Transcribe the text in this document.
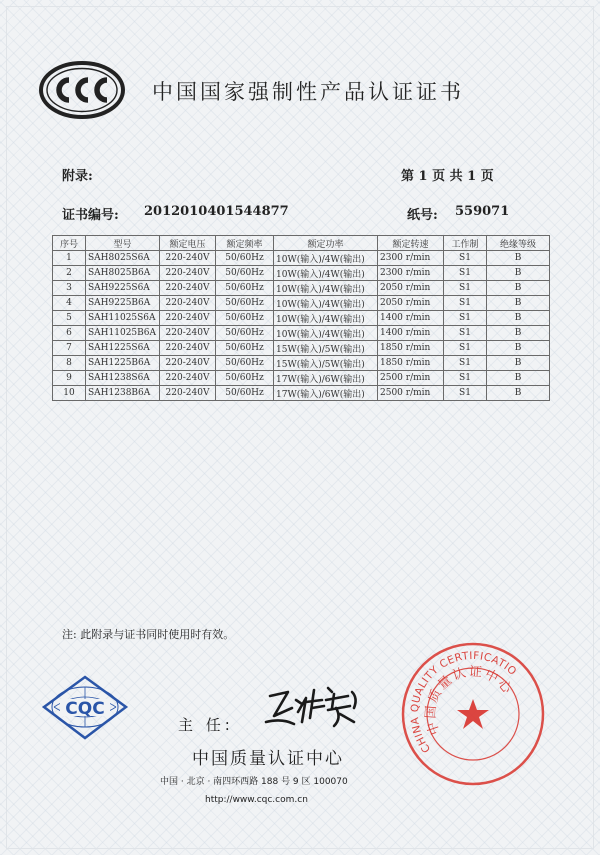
中国国家强制性产品认证证书
附录:	第 1 页 共 1 页
证书编号: 2012010401544877	纸号: 559071
序号	型号	额定电压	额定频率	额定功率	额定转速	工作制	绝缘等级
1	SAH8025S6A	220-240V	50/60Hz	10W(输入)/4W(输出)	2300 r/min	S1	B
2	SAH8025B6A	220-240V	50/60Hz	10W(输入)/4W(输出)	2300 r/min	S1	B
3	SAH9225S6A	220-240V	50/60Hz	10W(输入)/4W(输出)	2050 r/min	S1	B
4	SAH9225B6A	220-240V	50/60Hz	10W(输入)/4W(输出)	2050 r/min	S1	B
5	SAH11025S6A	220-240V	50/60Hz	10W(输入)/4W(输出)	1400 r/min	S1	B
6	SAH11025B6A	220-240V	50/60Hz	10W(输入)/4W(输出)	1400 r/min	S1	B
7	SAH1225S6A	220-240V	50/60Hz	15W(输入)/5W(输出)	1850 r/min	S1	B
8	SAH1225B6A	220-240V	50/60Hz	15W(输入)/5W(输出)	1850 r/min	S1	B
9	SAH1238S6A	220-240V	50/60Hz	17W(输入)/6W(输出)	2500 r/min	S1	B
10	SAH1238B6A	220-240V	50/60Hz	17W(输入)/6W(输出)	2500 r/min	S1	B
注: 此附录与证书同时使用时有效。
CQC
主 任:
中国质量认证中心
中国 · 北京 · 南四环西路 188 号 9 区 100070
http://www.cqc.com.cn
CHINA QUALITY CERTIFICATION
中国质量认证中心
